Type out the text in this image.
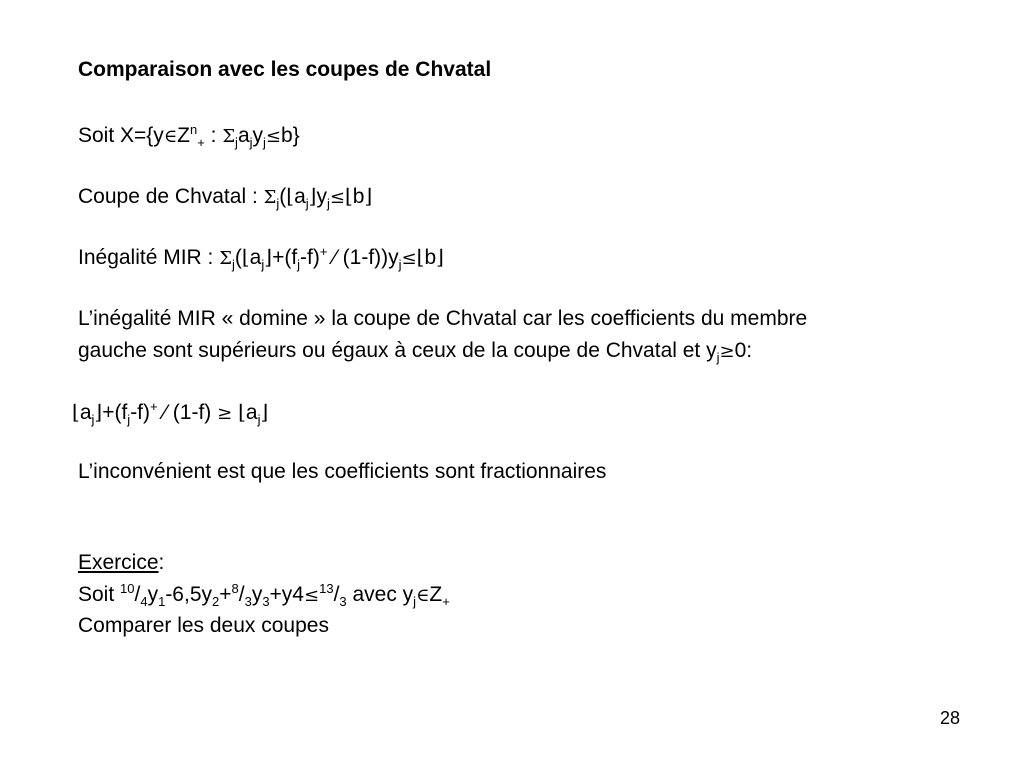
Comparaison avec les coupes de Chvatal
Soit $X=\{y\in Z^n_+$ : $\Sigma_ja_jy_j\le b$}
Coupe de Chvatal : $\Sigma_j(⌊a_j⌋y_j\le⌊b⌋$
Inégalité MIR : $\Sigma_j(⌊a_j⌋+(f_j-f)^+$ ⁄ $(1-f))y_j\le⌊b⌋$
L’inégalité MIR « domine » la coupe de Chvatal car les coefficients du membre
gauche sont supérieurs ou égaux à ceux de la coupe de Chvatal et $y_j\ge 0$:
$⌊a_j⌋+(f_j-f)^+$ ⁄ $(1-f) \ge ⌊a_j⌋$
L’inconvénient est que les coefficients sont fractionnaires
Exercice:
Soit $^{10}/_4y_1-6,5y_2+^8/_3y_3+y4\le^{13}/_3$ avec $y_j\in Z_+$
Comparer les deux coupes
28
